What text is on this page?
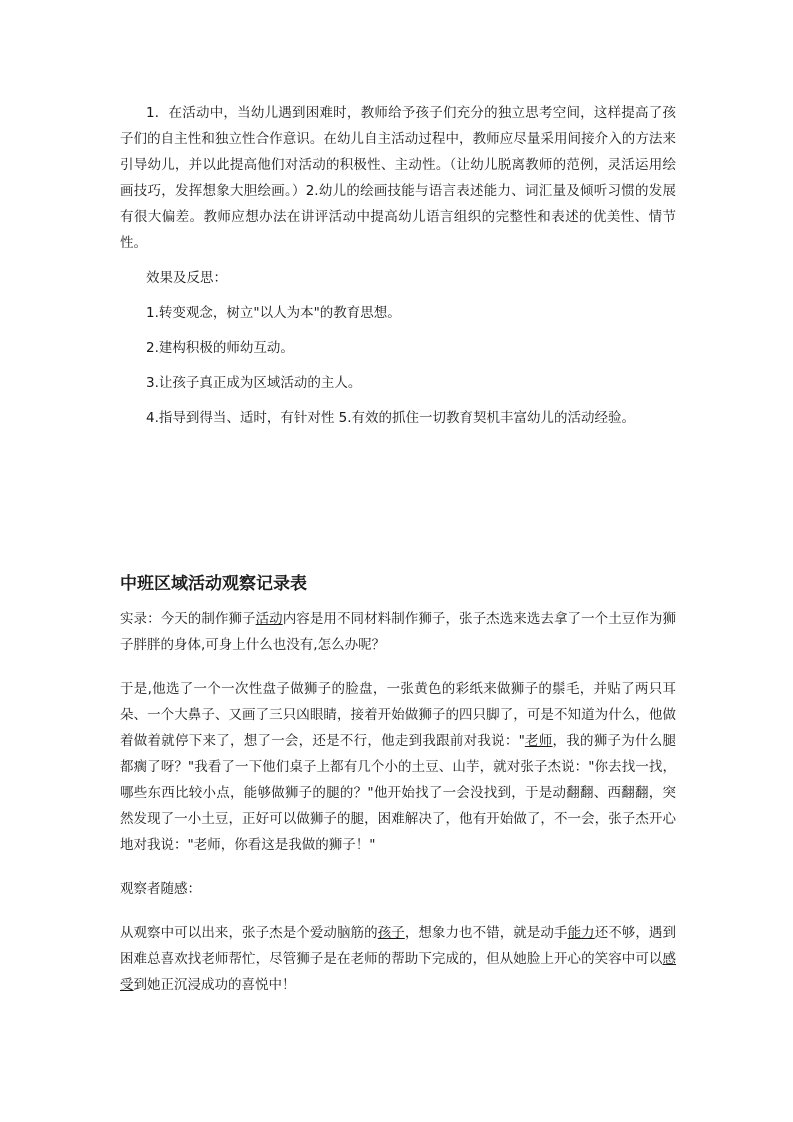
1．在活动中，当幼儿遇到困难时，教师给予孩子们充分的独立思考空间，这样提高了孩子们的自主性和独立性合作意识。在幼儿自主活动过程中，教师应尽量采用间接介入的方法来引导幼儿，并以此提高他们对活动的积极性、主动性。（让幼儿脱离教师的范例，灵活运用绘画技巧，发挥想象大胆绘画。）2.幼儿的绘画技能与语言表述能力、词汇量及倾听习惯的发展有很大偏差。教师应想办法在讲评活动中提高幼儿语言组织的完整性和表述的优美性、情节性。

效果及反思：

1.转变观念，树立"以人为本"的教育思想。

2.建构积极的师幼互动。

3.让孩子真正成为区域活动的主人。

4.指导到得当、适时，有针对性 5.有效的抓住一切教育契机丰富幼儿的活动经验。

中班区域活动观察记录表

实录：今天的制作狮子活动内容是用不同材料制作狮子，张子杰选来选去拿了一个土豆作为狮子胖胖的身体,可身上什么也没有,怎么办呢？

于是,他选了一个一次性盘子做狮子的脸盘，一张黄色的彩纸来做狮子的鬃毛，并贴了两只耳朵、一个大鼻子、又画了三只凶眼睛，接着开始做狮子的四只脚了，可是不知道为什么，他做着做着就停下来了，想了一会，还是不行，他走到我跟前对我说："老师，我的狮子为什么腿都瘸了呀？"我看了一下他们桌子上都有几个小的土豆、山芋，就对张子杰说："你去找一找，哪些东西比较小点，能够做狮子的腿的？"他开始找了一会没找到，于是动翻翻、西翻翻，突然发现了一小土豆，正好可以做狮子的腿，困难解决了，他有开始做了，不一会，张子杰开心地对我说："老师，你看这是我做的狮子！"

观察者随感：

从观察中可以出来，张子杰是个爱动脑筋的孩子，想象力也不错，就是动手能力还不够，遇到困难总喜欢找老师帮忙，尽管狮子是在老师的帮助下完成的，但从她脸上开心的笑容中可以感受到她正沉浸成功的喜悦中！
